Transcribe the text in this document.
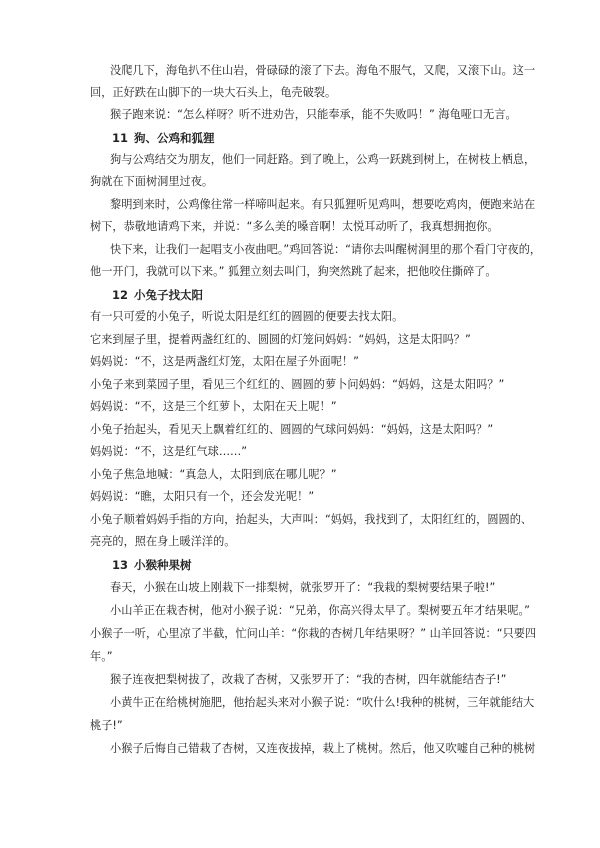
没爬几下，海龟扒不住山岩，骨碌碌的滚了下去。海龟不服气，又爬，又滚下山。这一
回，正好跌在山脚下的一块大石头上，龟壳破裂。
猴子跑来说：“怎么样呀？听不进劝告，只能奉承，能不失败吗！” 海龟哑口无言。
11 狗、公鸡和狐狸
狗与公鸡结交为朋友，他们一同赶路。到了晚上，公鸡一跃跳到树上，在树枝上栖息，
狗就在下面树洞里过夜。
黎明到来时，公鸡像往常一样啼叫起来。有只狐狸听见鸡叫，想要吃鸡肉，便跑来站在
树下，恭敬地请鸡下来，并说：“多么美的嗓音啊！太悦耳动听了，我真想拥抱你。
快下来，让我们一起唱支小夜曲吧。”鸡回答说：“请你去叫醒树洞里的那个看门守夜的，
他一开门，我就可以下来。” 狐狸立刻去叫门，狗突然跳了起来，把他咬住撕碎了。
12 小兔子找太阳
有一只可爱的小兔子，听说太阳是红红的圆圆的便要去找太阳。
它来到屋子里，提着两盏红红的、圆圆的灯笼问妈妈：“妈妈，这是太阳吗？”
妈妈说：“不，这是两盏红灯笼，太阳在屋子外面呢！”
小兔子来到菜园子里，看见三个红红的、圆圆的萝卜问妈妈：“妈妈，这是太阳吗？”
妈妈说：“不，这是三个红萝卜，太阳在天上呢！”
小兔子抬起头，看见天上飘着红红的、圆圆的气球问妈妈：“妈妈，这是太阳吗？”
妈妈说：“不，这是红气球……”
小兔子焦急地喊：“真急人，太阳到底在哪儿呢？”
妈妈说：“瞧，太阳只有一个，还会发光呢！”
小兔子顺着妈妈手指的方向，抬起头，大声叫：“妈妈，我找到了，太阳红红的，圆圆的、
亮亮的，照在身上暖洋洋的。
13 小猴种果树
春天，小猴在山坡上刚栽下一排梨树，就张罗开了：“我栽的梨树要结果子啦!”
小山羊正在栽杏树，他对小猴子说：“兄弟，你高兴得太早了。梨树要五年才结果呢。”
小猴子一听，心里凉了半截，忙问山羊：“你栽的杏树几年结果呀？” 山羊回答说：“只要四
年。”
猴子连夜把梨树拔了，改栽了杏树，又张罗开了：“我的杏树，四年就能结杏子!”
小黄牛正在给桃树施肥，他抬起头来对小猴子说：“吹什么!我种的桃树，三年就能结大
桃子!”
小猴子后悔自己错栽了杏树，又连夜拔掉，栽上了桃树。然后，他又吹嘘自己种的桃树
